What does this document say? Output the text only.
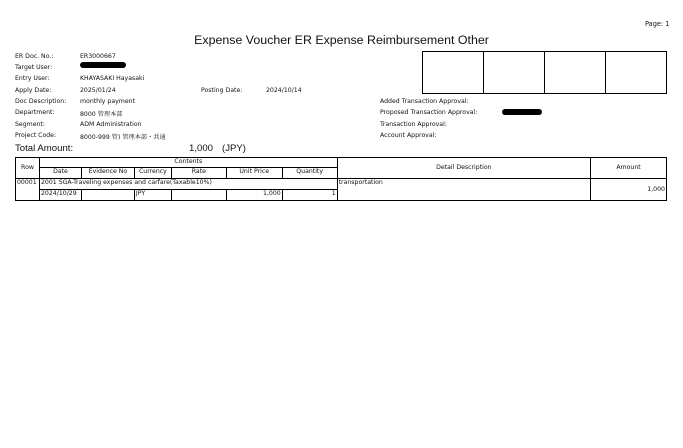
Page: 1
Expense Voucher ER Expense Reimbursement Other
ER Doc. No.:	ER3000667
Target User:
Entry User:	KHAYASAKI Hayasaki
Apply Date:	2025/01/24	Posting Date:	2024/10/14
Doc Description: monthly payment
Department:	8000 管理本部
Segment:	ADM Administration
Project Code:	8000-999 管) 管理本部・共通
Added Transaction Approval:
Proposed Transaction Approval:
Transaction Approval:
Account Approval:

Total Amount:	1,000 (JPY)
Row	Contents						Detail Description	Amount
	Date	Evidence No	Currency	Rate	Unit Price	Quantity		
00001	2001 SGA-Traveling expenses and carfare(Taxable10%)						transportation	1,000
	2024/10/29		JPY		1,000	1		
